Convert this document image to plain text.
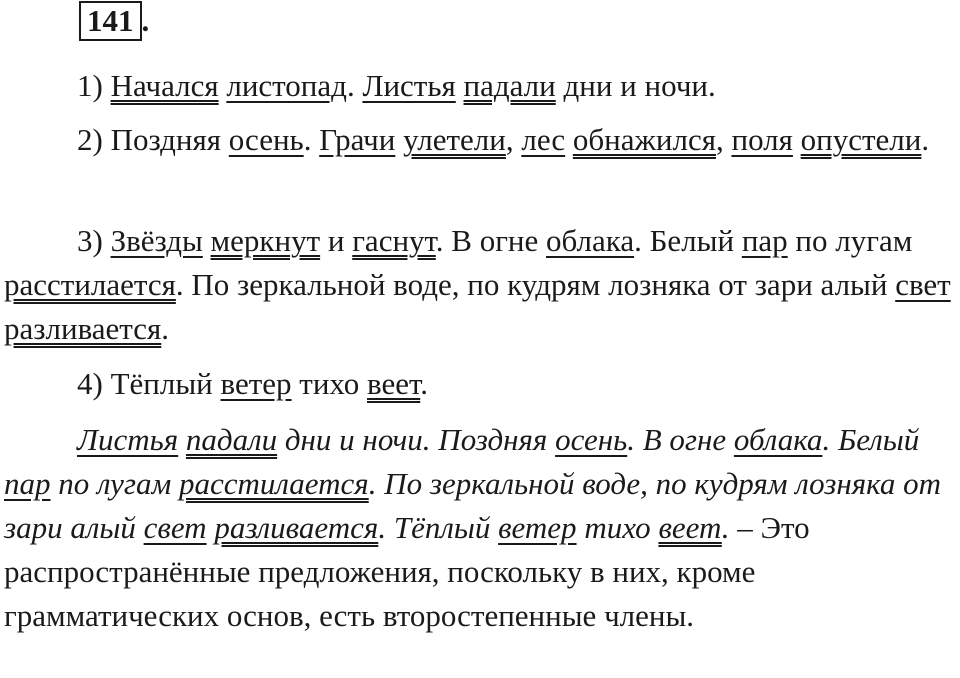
141 .

1) Начался листопад. Листья падали дни и ночи.

2) Поздняя осень. Грачи улетели, лес обнажился, поля опустели.

3) Звёзды меркнут и гаснут. В огне облака. Белый пар по лугам расстилается. По зеркальной воде, по кудрям лозняка от зари алый свет разливается.

4) Тёплый ветер тихо веет.

Листья падали дни и ночи. Поздняя осень. В огне облака. Белый пар по лугам расстилается. По зеркальной воде, по кудрям лозняка от зари алый свет разливается. Тёплый ветер тихо веет. – Это распространённые предложения, поскольку в них, кроме грамматических основ, есть второстепенные члены.
